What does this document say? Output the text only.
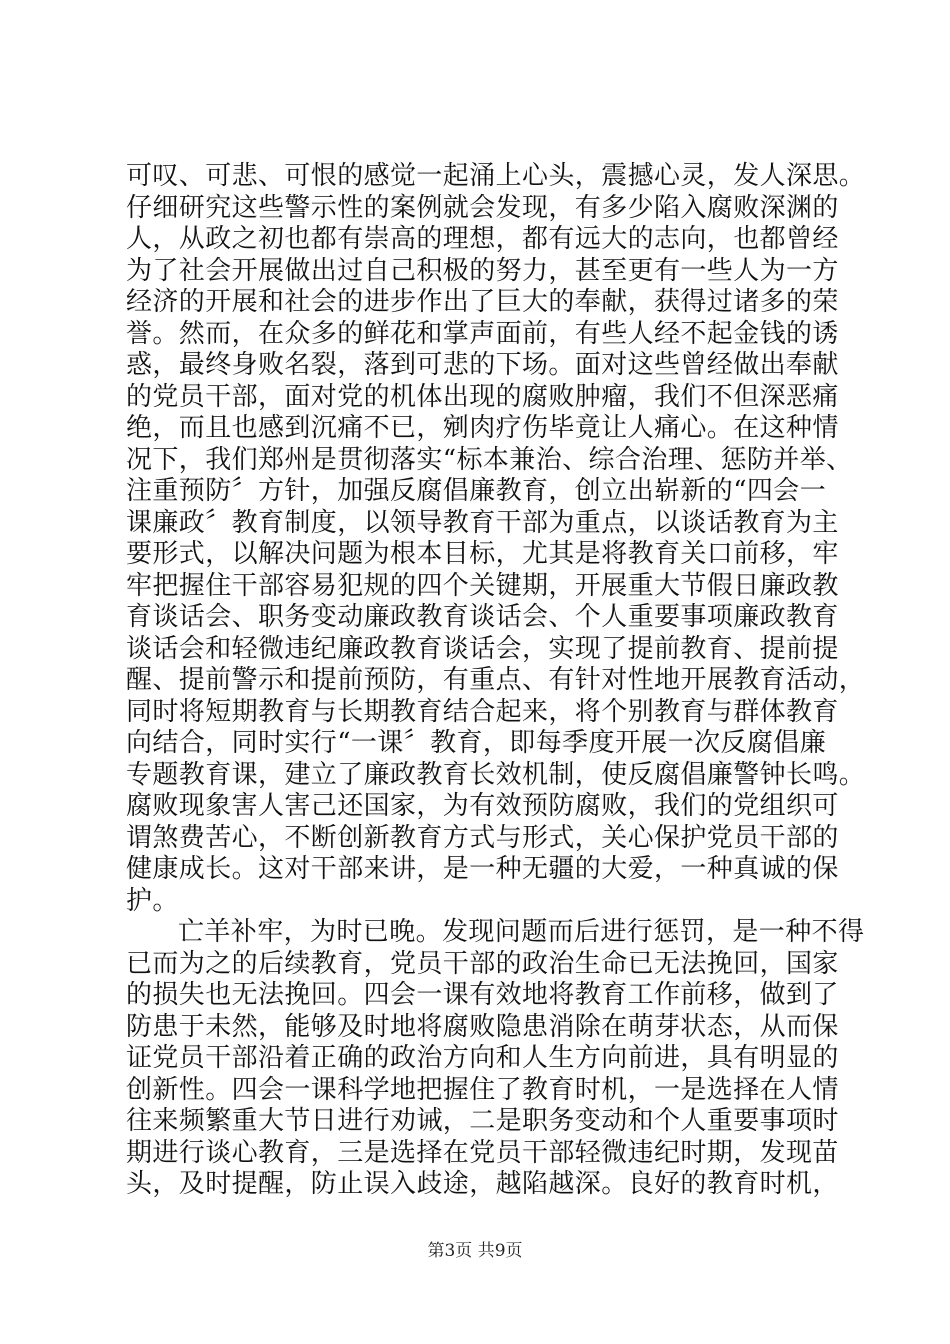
可叹、可悲、可恨的感觉一起涌上心头，震撼心灵，发人深思。
仔细研究这些警示性的案例就会发现，有多少陷入腐败深渊的
人，从政之初也都有崇高的理想，都有远大的志向，也都曾经
为了社会开展做出过自己积极的努力，甚至更有一些人为一方
经济的开展和社会的进步作出了巨大的奉献，获得过诸多的荣
誉。然而，在众多的鲜花和掌声面前，有些人经不起金钱的诱
惑，最终身败名裂，落到可悲的下场。面对这些曾经做出奉献
的党员干部，面对党的机体出现的腐败肿瘤，我们不但深恶痛
绝，而且也感到沉痛不已，剜肉疗伤毕竟让人痛心。在这种情
况下，我们郑州是贯彻落实“标本兼治、综合治理、惩防并举、
注重预防〞方针，加强反腐倡廉教育，创立出崭新的“四会一
课廉政〞教育制度，以领导教育干部为重点，以谈话教育为主
要形式，以解决问题为根本目标，尤其是将教育关口前移，牢
牢把握住干部容易犯规的四个关键期，开展重大节假日廉政教
育谈话会、职务变动廉政教育谈话会、个人重要事项廉政教育
谈话会和轻微违纪廉政教育谈话会，实现了提前教育、提前提
醒、提前警示和提前预防，有重点、有针对性地开展教育活动，
同时将短期教育与长期教育结合起来，将个别教育与群体教育
向结合，同时实行“一课〞教育，即每季度开展一次反腐倡廉
专题教育课，建立了廉政教育长效机制，使反腐倡廉警钟长鸣。
腐败现象害人害己还国家，为有效预防腐败，我们的党组织可
谓煞费苦心，不断创新教育方式与形式，关心保护党员干部的
健康成长。这对干部来讲，是一种无疆的大爱，一种真诚的保
护。
亡羊补牢，为时已晚。发现问题而后进行惩罚，是一种不得
已而为之的后续教育，党员干部的政治生命已无法挽回，国家
的损失也无法挽回。四会一课有效地将教育工作前移，做到了
防患于未然，能够及时地将腐败隐患消除在萌芽状态，从而保
证党员干部沿着正确的政治方向和人生方向前进，具有明显的
创新性。四会一课科学地把握住了教育时机，一是选择在人情
往来频繁重大节日进行劝诫，二是职务变动和个人重要事项时
期进行谈心教育，三是选择在党员干部轻微违纪时期，发现苗
头，及时提醒，防止误入歧途，越陷越深。良好的教育时机，
第3页 共9页
